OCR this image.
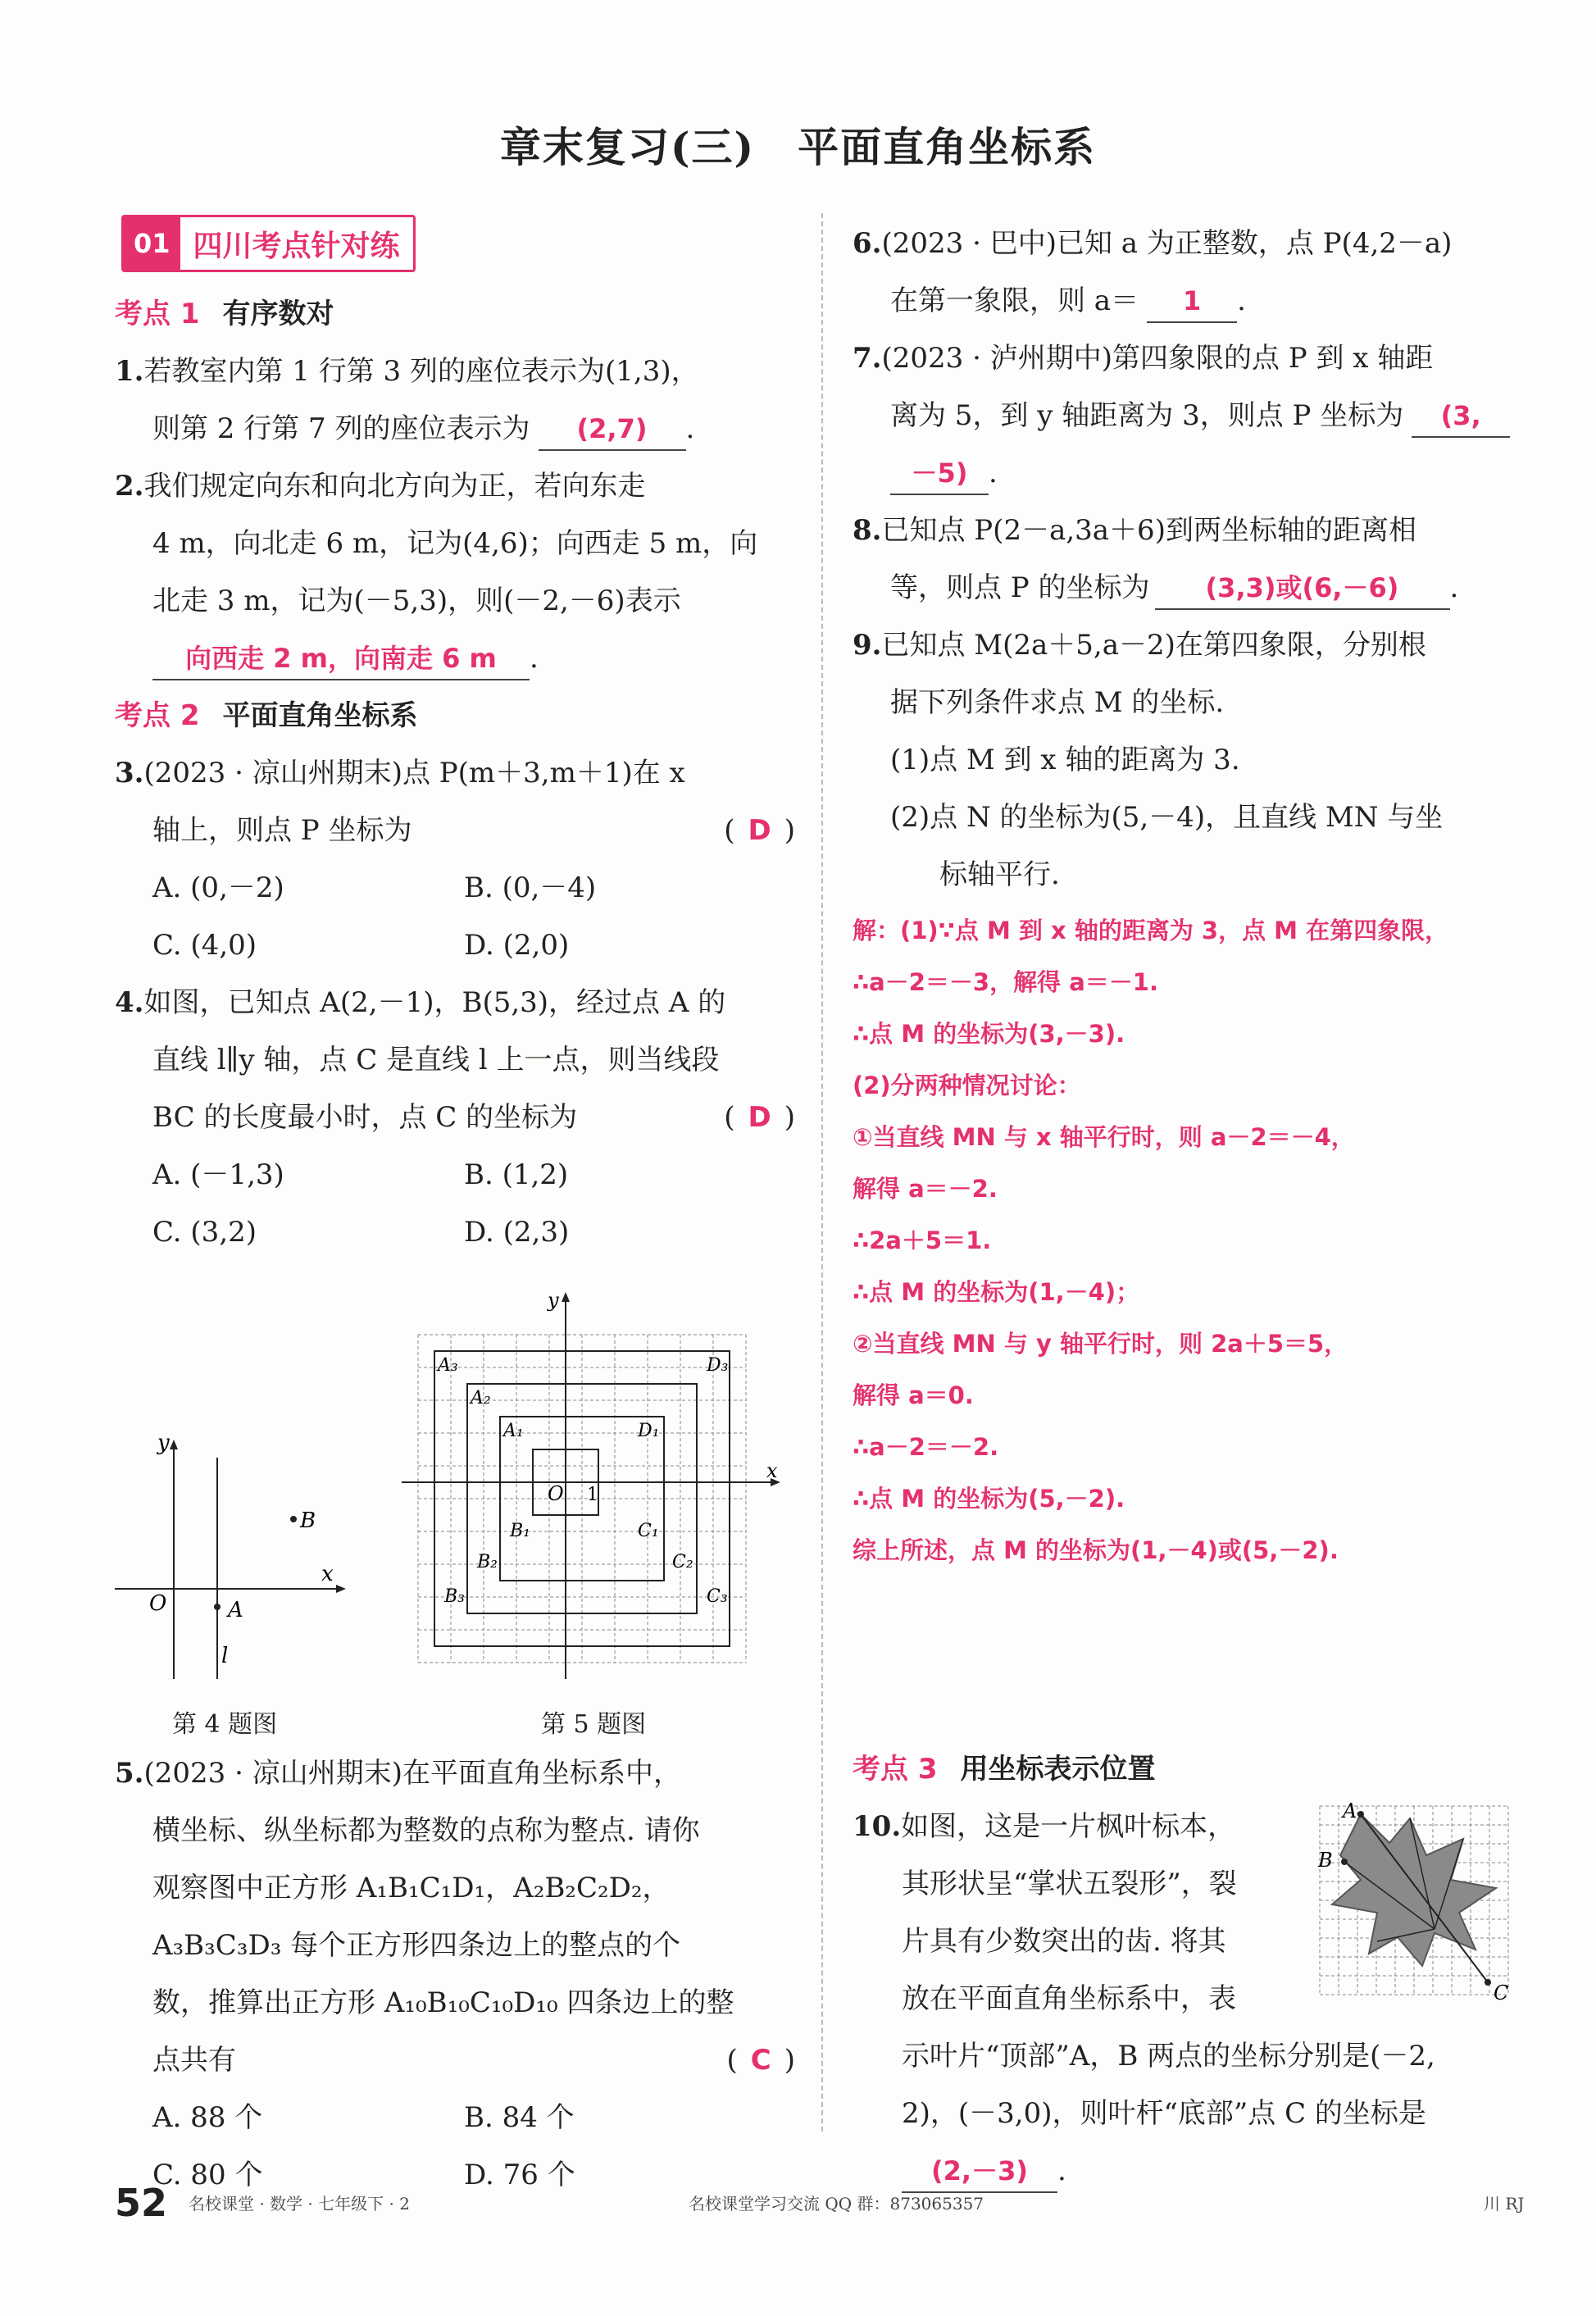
章末复习(三)　平面直角坐标系
01 四川考点针对练
考点 1 有序数对
1.若教室内第 1 行第 3 列的座位表示为(1,3)，
则第 2 行第 7 列的座位表示为 (2,7) .
2.我们规定向东和向北方向为正，若向东走
4 m，向北走 6 m，记为(4,6)；向西走 5 m，向
北走 3 m，记为(－5,3)，则(－2,－6)表示
向西走 2 m，向南走 6 m .
考点 2 平面直角坐标系
3.(2023 · 凉山州期末)点 P(m＋3,m＋1)在 x
轴上，则点 P 坐标为	( D )
A. (0,－2)	B. (0,－4)
C. (4,0)	D. (2,0)
4.如图，已知点 A(2,－1)，B(5,3)，经过点 A 的
直线 l∥y 轴，点 C 是直线 l 上一点，则当线段
BC 的长度最小时，点 C 的坐标为	( D )
A. (－1,3)	B. (1,2)
C. (3,2)	D. (2,3)
y
x
O	A
B
l
第 4 题图
y
x
O 1
A₃	D₃
A₂
A₁	D₁
B₁	C₁
B₂	C₂
B₃	C₃
第 5 题图
5.(2023 · 凉山州期末)在平面直角坐标系中，
横坐标、纵坐标都为整数的点称为整点. 请你
观察图中正方形 A₁B₁C₁D₁，A₂B₂C₂D₂，
A₃B₃C₃D₃ 每个正方形四条边上的整点的个
数，推算出正方形 A₁₀B₁₀C₁₀D₁₀ 四条边上的整
点共有	( C )
A. 88 个	B. 84 个
C. 80 个	D. 76 个
6.(2023 · 巴中)已知 a 为正整数，点 P(4,2－a)
在第一象限，则 a＝ 1 .
7.(2023 · 泸州期中)第四象限的点 P 到 x 轴距
离为 5，到 y 轴距离为 3，则点 P 坐标为 (3,
－5) .
8.已知点 P(2－a,3a＋6)到两坐标轴的距离相
等，则点 P 的坐标为 (3,3)或(6,－6) .
9.已知点 M(2a＋5,a－2)在第四象限，分别根
据下列条件求点 M 的坐标.
(1)点 M 到 x 轴的距离为 3.
(2)点 N 的坐标为(5,－4)，且直线 MN 与坐
标轴平行.
解：(1)∵点 M 到 x 轴的距离为 3，点 M 在第四象限，
∴a－2＝－3，解得 a＝－1.
∴点 M 的坐标为(3,－3).
(2)分两种情况讨论：
①当直线 MN 与 x 轴平行时，则 a－2＝－4，
解得 a＝－2.
∴2a＋5＝1.
∴点 M 的坐标为(1,－4)；
②当直线 MN 与 y 轴平行时，则 2a＋5＝5，
解得 a＝0.
∴a－2＝－2.
∴点 M 的坐标为(5,－2).
综上所述，点 M 的坐标为(1,－4)或(5,－2).
考点 3 用坐标表示位置
A
B
C
10.如图，这是一片枫叶标本，
其形状呈“掌状五裂形”，裂
片具有少数突出的齿. 将其
放在平面直角坐标系中，表
示叶片“顶部”A，B 两点的坐标分别是(－2,
2)，(－3,0)，则叶杆“底部”点 C 的坐标是
(2,－3) .
52 名校课堂 · 数学 · 七年级下 · 2	名校课堂学习交流 QQ 群：873065357	川 RJ
